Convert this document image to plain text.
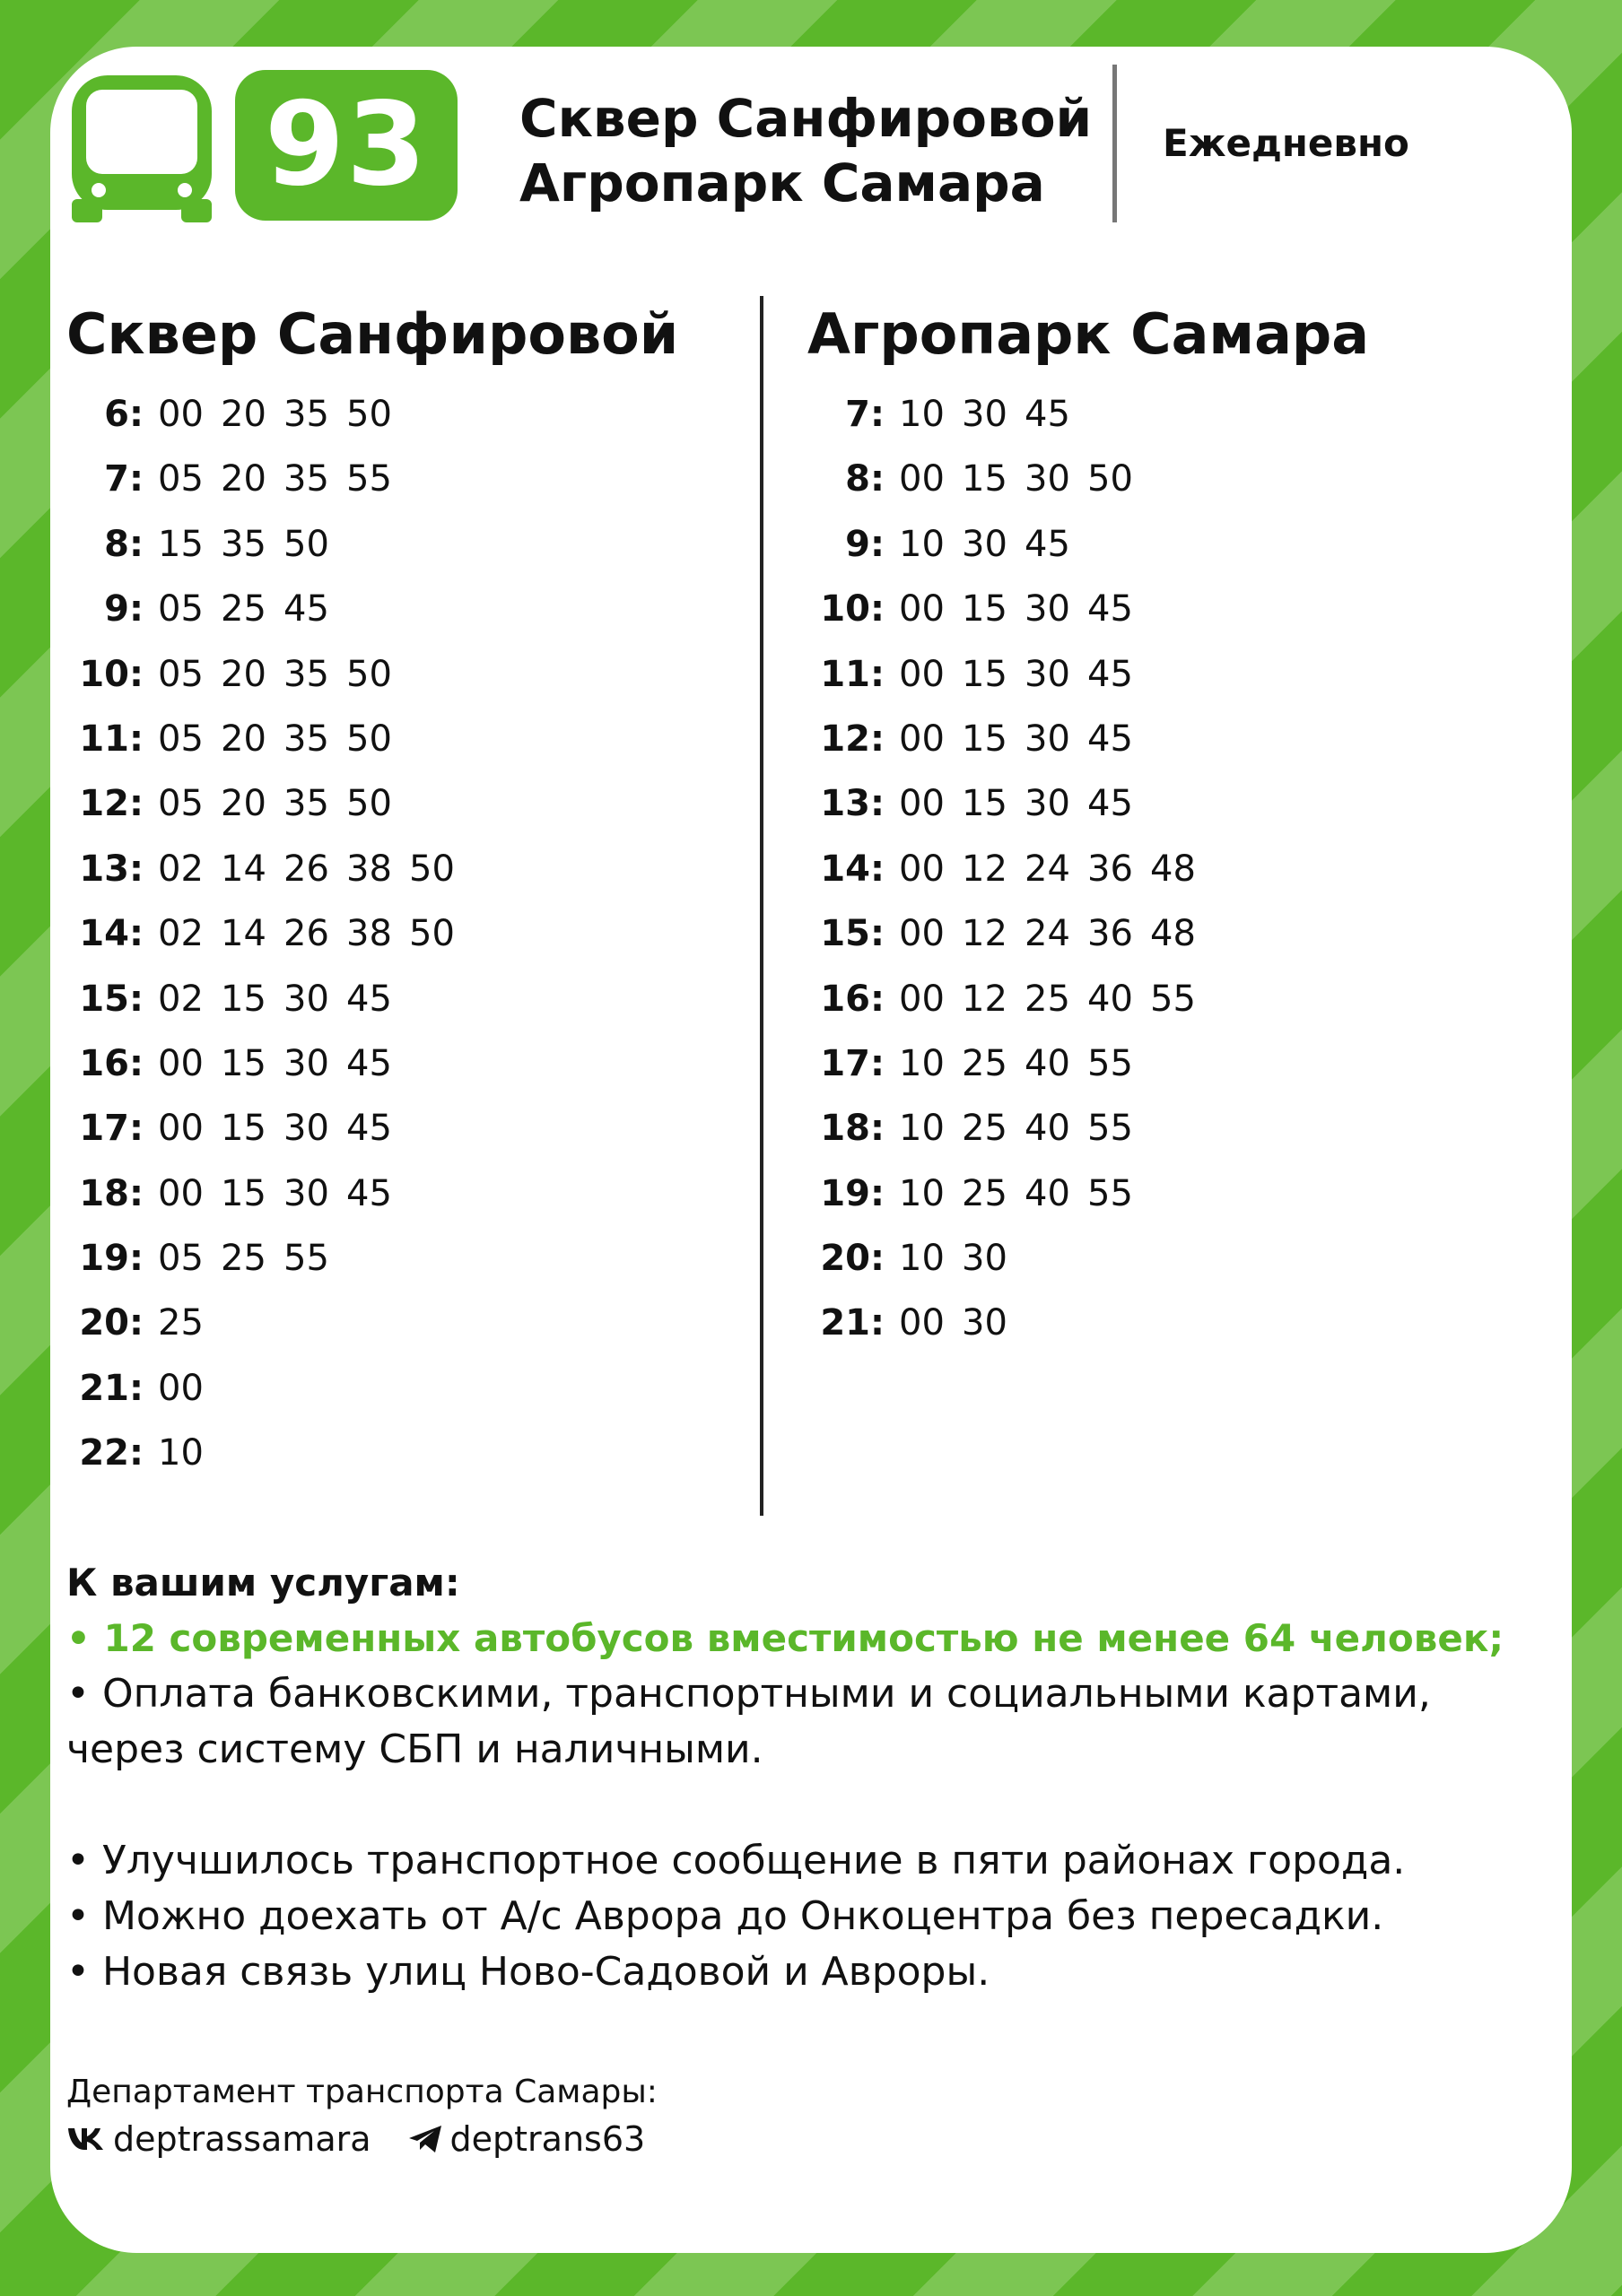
93	Сквер Санфировой
Агропарк Самара
Ежедневно
Сквер Санфировой
6: 00 20 35 50
7: 05 20 35 55
8: 15 35 50
9: 05 25 45
10: 05 20 35 50
11: 05 20 35 50
12: 05 20 35 50
13: 02 14 26 38 50
14: 02 14 26 38 50
15: 02 15 30 45
16: 00 15 30 45
17: 00 15 30 45
18: 00 15 30 45
19: 05 25 55
20: 25
21: 00
22: 10
Агропарк Самара
7: 10 30 45
8: 00 15 30 50
9: 10 30 45
10: 00 15 30 45
11: 00 15 30 45
12: 00 15 30 45
13: 00 15 30 45
14: 00 12 24 36 48
15: 00 12 24 36 48
16: 00 12 25 40 55
17: 10 25 40 55
18: 10 25 40 55
19: 10 25 40 55
20: 10 30
21: 00 30
К вашим услугам:
• 12 современных автобусов вместимостью не менее 64 человек;
• Оплата банковскими, транспортными и социальными картами,
через систему СБП и наличными.
• Улучшилось транспортное сообщение в пяти районах города.
• Можно доехать от А/с Аврора до Онкоцентра без пересадки.
• Новая связь улиц Ново-Садовой и Авроры.
Департамент транспорта Самары:
deptrassamara deptrans63
